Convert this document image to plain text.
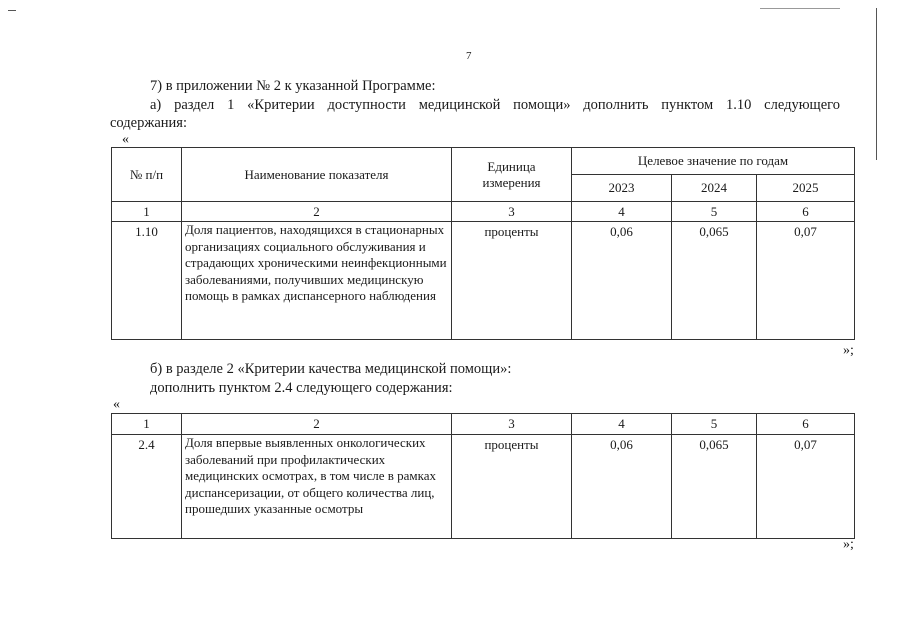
7
7) в приложении № 2 к указанной Программе:
а) раздел 1 «Критерии доступности медицинской помощи» дополнить пунктом 1.10 следующего
содержания:
«
№ п/п	Наименование показателя	Единица измерения	Целевое значение по годам		
			2023	2024	2025
1	2	3	4	5	6
1.10	Доля пациентов, находящихся в стационарных организациях социального обслуживания и страдающих хроническими неинфекционными заболеваниями, получивших медицинскую помощь в рамках диспансерного наблюдения	проценты	0,06	0,065	0,07
»;
б) в разделе 2 «Критерии качества медицинской помощи»:
дополнить пунктом 2.4 следующего содержания:
«
1	2	3	4	5	6
2.4	Доля впервые выявленных онкологических заболеваний при профилактических медицинских осмотрах, в том числе в рамках диспансеризации, от общего количества лиц, прошедших указанные осмотры	проценты	0,06	0,065	0,07
»;
